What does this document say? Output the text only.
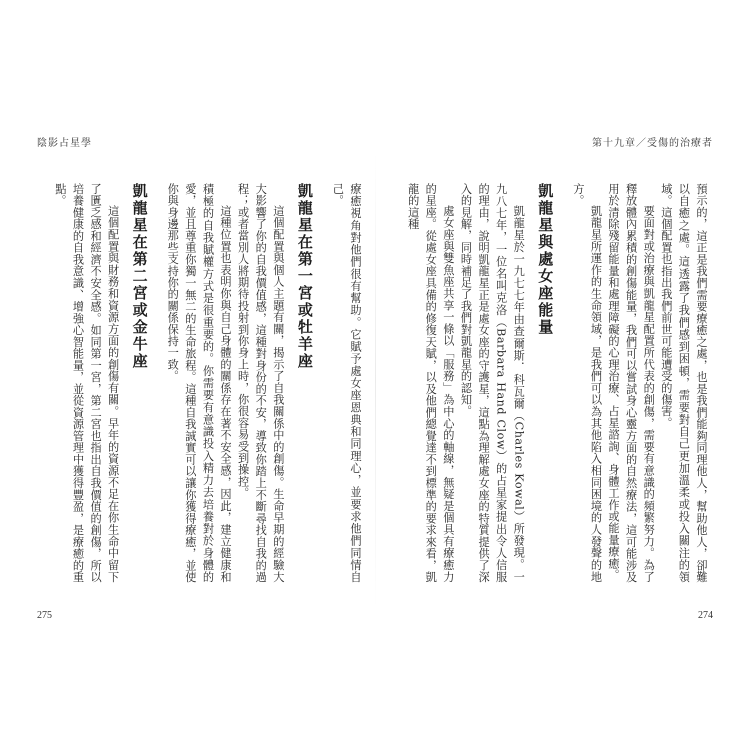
陰影占星學	第十九章／受傷的治療者

預示的，這正是我們需要療癒之處，也是我們能夠同理他人，幫助他人，卻難以自癒之處。這透露了我們感到困頓，需要對自己更加溫柔或投入關注的領域。這個配置也指出我們前世可能遭受的傷害。

要面對或治療與凱龍星配置所代表的創傷，需要有意識的頻繁努力。為了釋放體內累積的創傷能量，我們可以嘗試身心靈方面的自然療法，這可能涉及用於清除殘留能量和處理障礙的心理治療、占星諮詢、身體工作或能量療癒。

凱龍星所運作的生命領域，是我們可以為其他陷入相同困境的人發聲的地方。

凱龍星與處女座能量

凱龍星於一九七七年由查爾斯．科瓦爾（Charles Kowal）所發現。一九八七年，一位名叫克洛（Barbara Hand Clow）的占星家提出令人信服的理由，說明凱龍星正是處女座的守護星，這點為理解處女座的特質提供了深入的見解，同時補足了我們對凱龍星的認知。

處女座與雙魚座共享一條以「服務」為中心的軸線，無疑是個具有療癒力的星座。從處女座具備的修復天賦，以及他們總覺達不到標準的要求來看，凱龍的這種

療癒視角對他們很有幫助。它賦予處女座恩典和同理心，並要求他們同情自己。

凱龍星在第一宮或牡羊座

這個配置與個人主題有關，揭示了自我關係中的創傷。生命早期的經驗大大影響了你的自我價值感，這種對身份的不安，導致你踏上不斷尋找自我的過程；或者當別人將期待投射到你身上時，你很容易受到操控。

這種位置也表明你與自己身體的關係存在著不安全感，因此，建立健康和積極的自我賦權方式是很重要的。你需要有意識投入精力去培養對於身體的愛，並且尊重你獨一無二的生命旅程。這種自我誠實可以讓你獲得療癒，並使你與身邊那些支持你的關係保持一致。

凱龍星在第二宮或金牛座

這個配置與財務和資源方面的創傷有關。早年的資源不足在你生命中留下了匱乏感和經濟不安全感。如同第一宮，第二宮也指出自我價值的創傷，所以培養健康的自我意識、增強心智能量，並從資源管理中獲得豐盈，是療癒的重點。

275	274
